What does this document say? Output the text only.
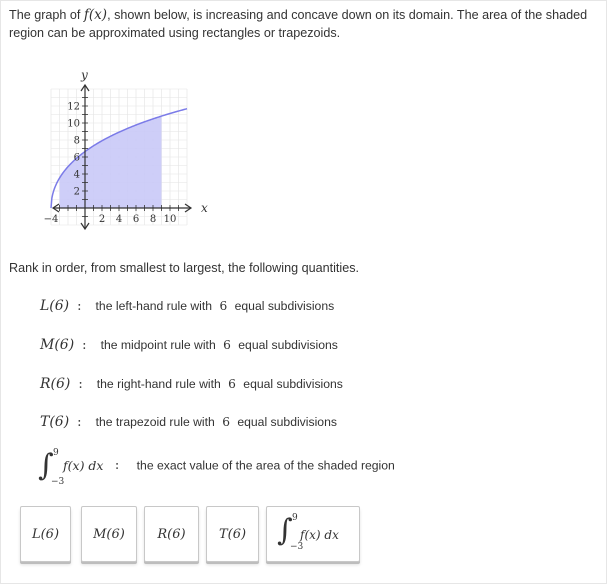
The graph of f(x), shown below, is increasing and concave down on its domain. The area of the shaded region can be approximated using rectangles or trapezoids.
−4	2 4 6 8 10
2
4
6
8
10
12
x
y
Rank in order, from smallest to largest, the following quantities.
L(6) : the left-hand rule with 6 equal subdivisions
M(6) : the midpoint rule with 6 equal subdivisions
R(6) : the right-hand rule with 6 equal subdivisions
T(6) : the trapezoid rule with 6 equal subdivisions
∫ 9
−3
f(x) dx : the exact value of the area of the shaded region
L(6)	M(6)	R(6)	T(6)	∫ 9
−3
f(x) dx
